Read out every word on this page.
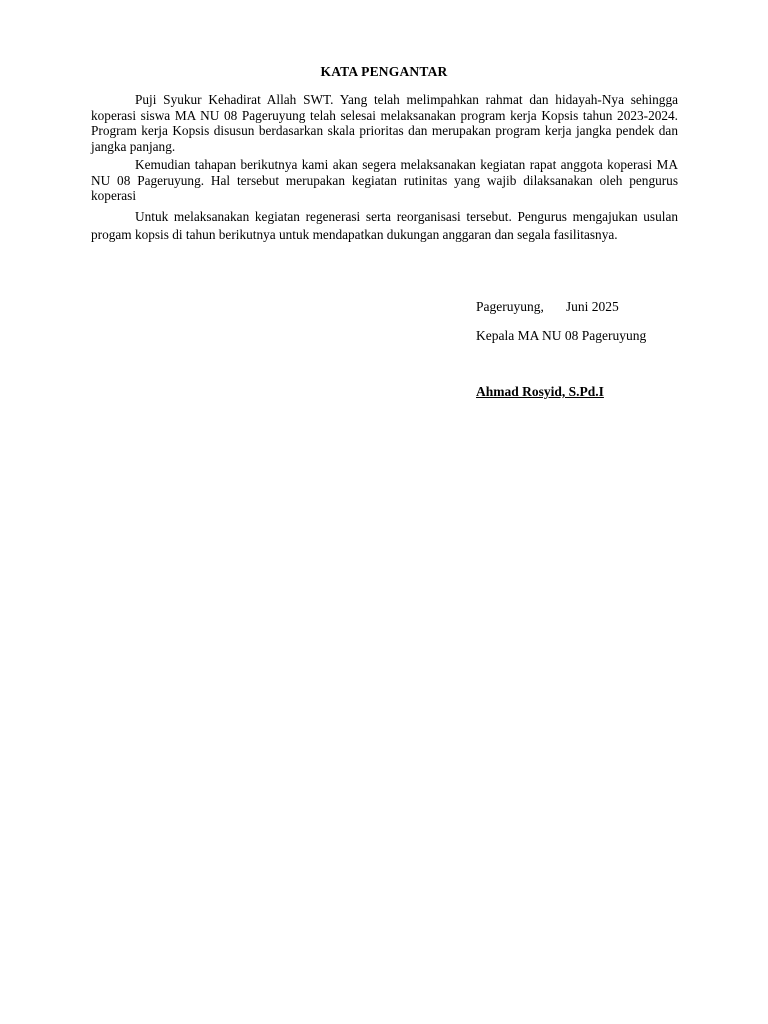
KATA PENGANTAR

Puji Syukur Kehadirat Allah SWT. Yang telah melimpahkan rahmat dan hidayah-Nya sehingga koperasi siswa MA NU 08 Pageruyung telah selesai melaksanakan program kerja Kopsis tahun 2023-2024. Program kerja Kopsis disusun berdasarkan skala prioritas dan merupakan program kerja jangka pendek dan jangka panjang.

Kemudian tahapan berikutnya kami akan segera melaksanakan kegiatan rapat anggota koperasi MA NU 08 Pageruyung. Hal tersebut merupakan kegiatan rutinitas yang wajib dilaksanakan oleh pengurus koperasi

Untuk melaksanakan kegiatan regenerasi serta reorganisasi tersebut. Pengurus mengajukan usulan progam kopsis di tahun berikutnya untuk mendapatkan dukungan anggaran dan segala fasilitasnya.

Pageruyung, Juni 2025
Kepala MA NU 08 Pageruyung
Ahmad Rosyid, S.Pd.I
